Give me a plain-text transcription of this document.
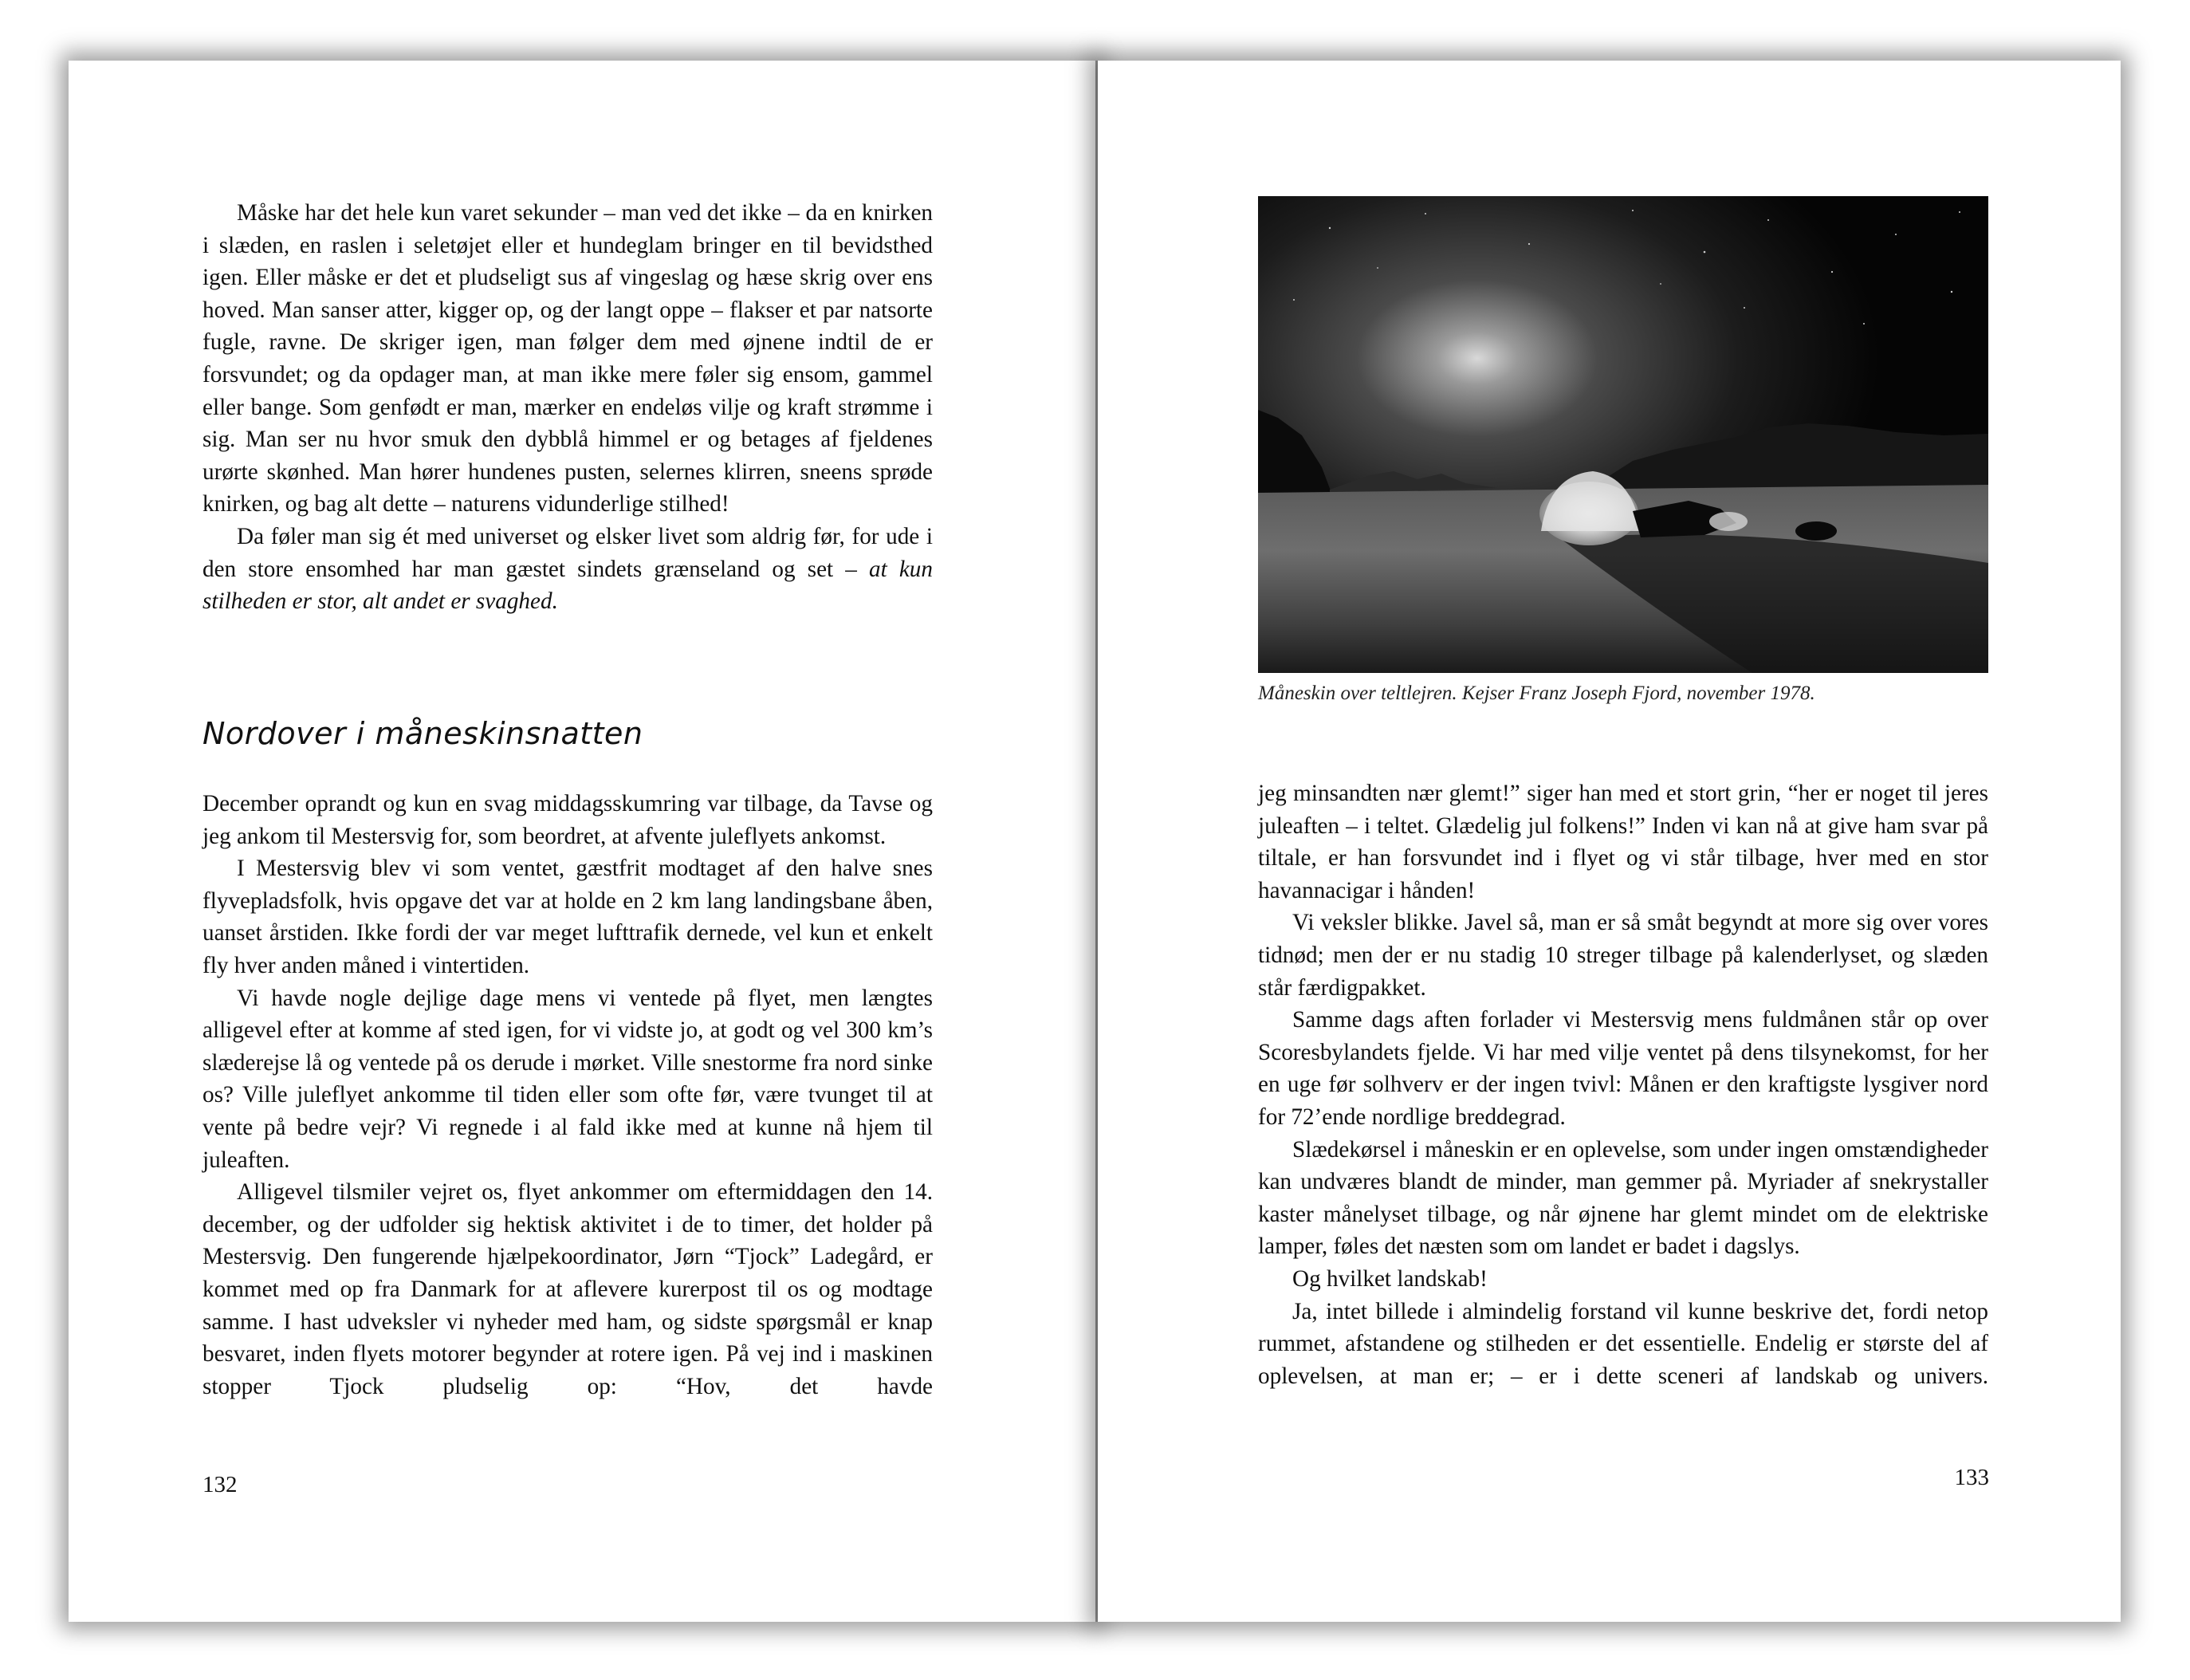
Måske har det hele kun varet sekunder – man ved det ikke – da en knirken i slæden, en raslen i seletøjet eller et hundeglam bringer en til bevidsthed igen. Eller måske er det et pludseligt sus af vingeslag og hæse skrig over ens hoved. Man sanser atter, kigger op, og der langt oppe – flakser et par natsorte fugle, ravne. De skriger igen, man følger dem med øjnene indtil de er forsvundet; og da opdager man, at man ikke mere føler sig ensom, gammel eller bange. Som genfødt er man, mærker en endeløs vilje og kraft strømme i sig. Man ser nu hvor smuk den dybblå himmel er og betages af fjeldenes urørte skønhed. Man hører hundenes pusten, selernes klirren, sneens sprøde knirken, og bag alt dette – naturens vidunderlige stilhed!

Da føler man sig ét med universet og elsker livet som aldrig før, for ude i den store ensomhed har man gæstet sindets grænseland og set – at kun stilheden er stor, alt andet er svaghed.

Nordover i måneskinsnatten

December oprandt og kun en svag middagsskumring var tilbage, da Tavse og jeg ankom til Mestersvig for, som beordret, at afvente juleflyets ankomst.

I Mestersvig blev vi som ventet, gæstfrit modtaget af den halve snes flyvepladsfolk, hvis opgave det var at holde en 2 km lang landingsbane åben, uanset årstiden. Ikke fordi der var meget lufttrafik dernede, vel kun et enkelt fly hver anden måned i vintertiden.

Vi havde nogle dejlige dage mens vi ventede på flyet, men længtes alligevel efter at komme af sted igen, for vi vidste jo, at godt og vel 300 km’s slæderejse lå og ventede på os derude i mørket. Ville snestorme fra nord sinke os? Ville juleflyet ankomme til tiden eller som ofte før, være tvunget til at vente på bedre vejr? Vi regnede i al fald ikke med at kunne nå hjem til juleaften.

Alligevel tilsmiler vejret os, flyet ankommer om eftermiddagen den 14. december, og der udfolder sig hektisk aktivitet i de to timer, det holder på Mestersvig. Den fungerende hjælpekoordinator, Jørn “Tjock” Ladegård, er kommet med op fra Danmark for at aflevere kurerpost til os og modtage samme. I hast udveksler vi nyheder med ham, og sidste spørgsmål er knap besvaret, inden flyets motorer begynder at rotere igen. På vej ind i maskinen stopper Tjock pludselig op: “Hov, det havde

132
Måneskin over teltlejren. Kejser Franz Joseph Fjord, november 1978.

jeg minsandten nær glemt!” siger han med et stort grin, “her er noget til jeres juleaften – i teltet. Glædelig jul folkens!” Inden vi kan nå at give ham svar på tiltale, er han forsvundet ind i flyet og vi står tilbage, hver med en stor havannacigar i hånden!

Vi veksler blikke. Javel så, man er så småt begyndt at more sig over vores tidnød; men der er nu stadig 10 streger tilbage på kalenderlyset, og slæden står færdigpakket.

Samme dags aften forlader vi Mestersvig mens fuldmånen står op over Scoresbylandets fjelde. Vi har med vilje ventet på dens tilsynekomst, for her en uge før solhverv er der ingen tvivl: Månen er den kraftigste lysgiver nord for 72’ende nordlige breddegrad.

Slædekørsel i måneskin er en oplevelse, som under ingen omstændigheder kan undværes blandt de minder, man gemmer på. Myriader af snekrystaller kaster månelyset tilbage, og når øjnene har glemt mindet om de elektriske lamper, føles det næsten som om landet er badet i dagslys.

Og hvilket landskab!

Ja, intet billede i almindelig forstand vil kunne beskrive det, fordi netop rummet, afstandene og stilheden er det essentielle. Endelig er største del af oplevelsen, at man er; – er i dette sceneri af landskab og univers.

133
